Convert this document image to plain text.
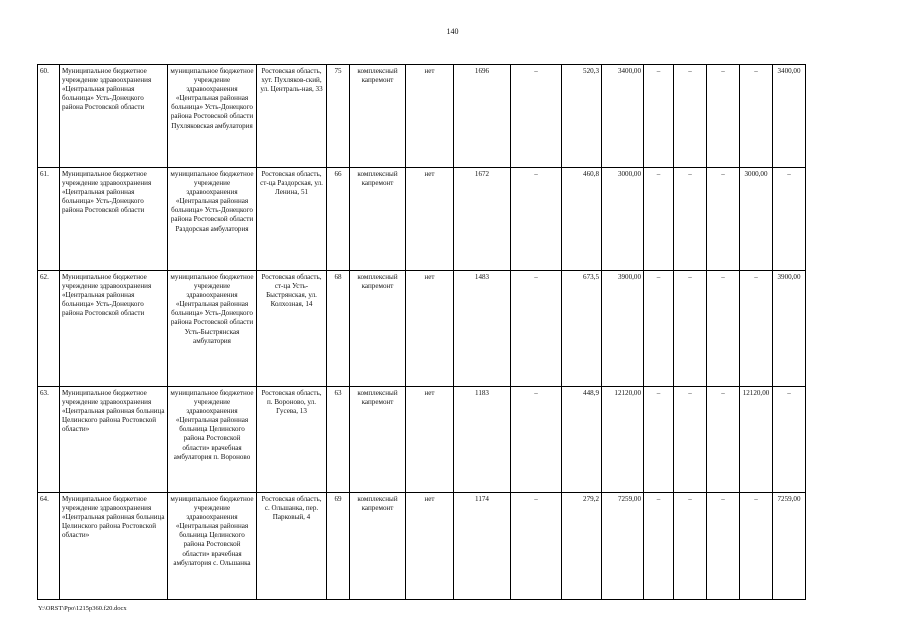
140
60.	Муниципальное бюджетное учреждение здравоохранения «Центральная районная больница» Усть-Донецкого района Ростовской области	муниципальное бюджетное учреждение здравоохранения «Центральная районная больница» Усть-Донецкого района Ростовской области Пухляковская амбулатория	Ростовская область, хут. Пухляков-ский, ул. Централь-ная, 33	75	комплексный капремонт	нет	1696	–	520,3	3400,00	–	–	–	–	3400,00
61.	Муниципальное бюджетное учреждение здравоохранения «Центральная районная больница» Усть-Донецкого района Ростовской области	муниципальное бюджетное учреждение здравоохранения «Центральная районная больница» Усть-Донецкого района Ростовской области Раздорская амбулатория	Ростовская область, ст-ца Раздорская, ул. Ленина, 51	66	комплексный капремонт	нет	1672	–	460,8	3000,00	–	–	–	3000,00	–
62.	Муниципальное бюджетное учреждение здравоохранения «Центральная районная больница» Усть-Донецкого района Ростовской области	муниципальное бюджетное учреждение здравоохранения «Центральная районная больница» Усть-Донецкого района Ростовской области Усть-Быстрянская амбулатория	Ростовская область, ст-ца Усть-Быстрянская, ул. Колхозная, 14	68	комплексный капремонт	нет	1483	–	673,5	3900,00	–	–	–	–	3900,00
63.	Муниципальное бюджетное учреждение здравоохранения «Центральная районная больница Целинского района Ростовской области»	муниципальное бюджетное учреждение здравоохранения «Центральная районная больница Целинского района Ростовской области» врачебная амбулатория п. Вороново	Ростовская область, п. Вороново, ул. Гусева, 13	63	комплексный капремонт	нет	1183	–	448,9	12120,00	–	–	–	12120,00	–
64.	Муниципальное бюджетное учреждение здравоохранения «Центральная районная больница Целинского района Ростовской области»	муниципальное бюджетное учреждение здравоохранения «Центральная районная больница Целинского района Ростовской области» врачебная амбулатория с. Ольшанка	Ростовская область, с. Ольшанка, пер. Парковый, 4	69	комплексный капремонт	нет	1174	–	279,2	7259,00	–	–	–	–	7259,00
Y:\ORST\Ppo\1215p360.f20.docx
